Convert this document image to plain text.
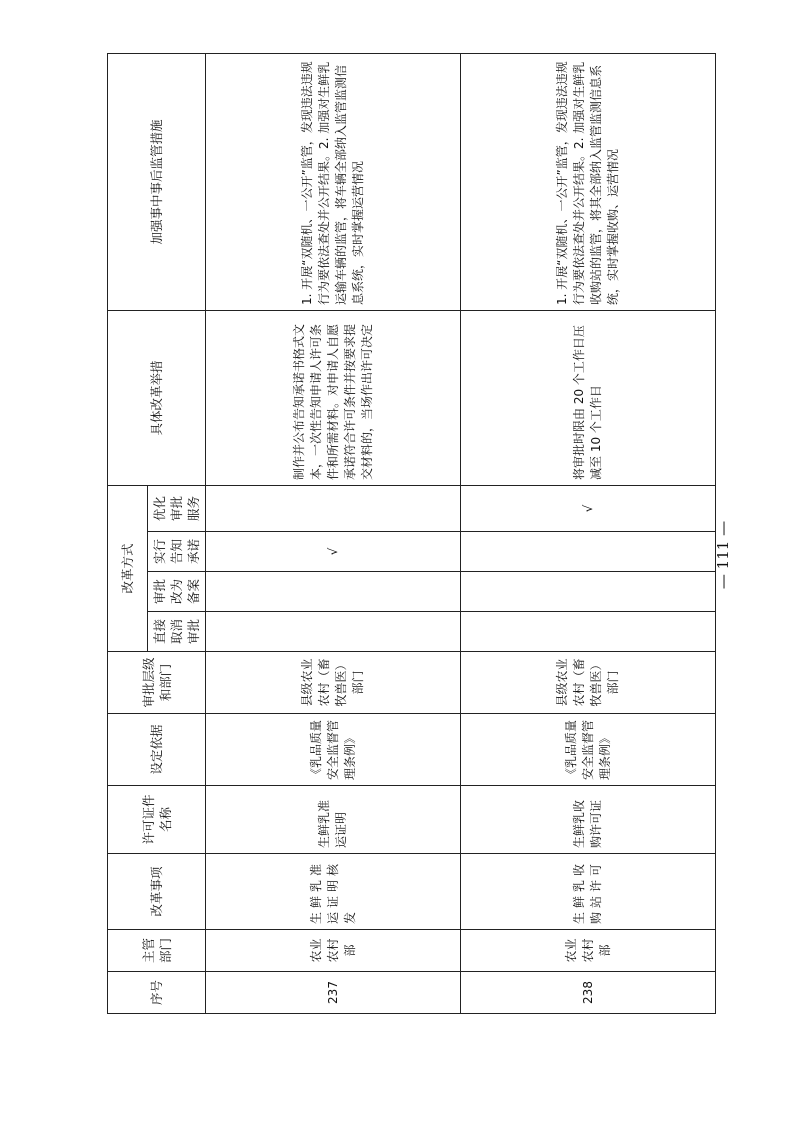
序号	主管部门	改革事项	许可证件名称	设定依据	审批层级和部门	改革方式				具体改革举措	加强事中事后监管措施
						直接取消审批	审批改为备案	实行告知承诺	优化审批服务		
237	农业农村部	生鲜乳准运证明核发	生鲜乳准运证明	《乳品质量安全监督管理条例》	县级农业农村（畜牧兽医）部门			√		制作并公布告知承诺书格式文本，一次性告知申请人许可条件和所需材料。对申请人自愿承诺符合许可条件并按要求提交材料的，当场作出许可决定	1. 开展“双随机、一公开”监管，发现违法违规行为要依法查处并公开结果。2. 加强对生鲜乳运输车辆的监管，将车辆全部纳入监管监测信息系统，实时掌握运营情况
238	农业农村部	生鲜乳收购站许可	生鲜乳收购许可证	《乳品质量安全监督管理条例》	县级农业农村（畜牧兽医）部门				√	将审批时限由 20 个工作日压减至 10 个工作日	1. 开展“双随机、一公开”监管，发现违法违规行为要依法查处并公开结果。2. 加强对生鲜乳收购站的监管，将其全部纳入监管监测信息系统，实时掌握收购、运营情况
— 111 —
